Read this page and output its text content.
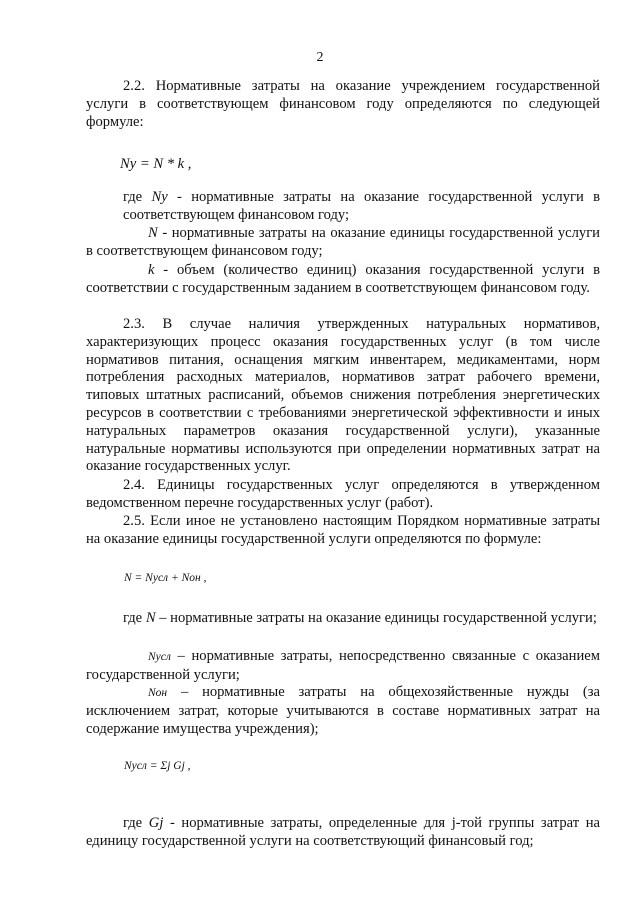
2

2.2. Нормативные затраты на оказание учреждением государственной услуги в соответствующем финансовом году определяются по следующей формуле:

Ny = N * k ,

где Ny - нормативные затраты на оказание государственной услуги в соответствующем финансовом году;

N - нормативные затраты на оказание единицы государственной услуги в соответствующем финансовом году;

k - объем (количество единиц) оказания государственной услуги в соответствии с государственным заданием в соответствующем финансовом году.

2.3. В случае наличия утвержденных натуральных нормативов, характеризующих процесс оказания государственных услуг (в том числе нормативов питания, оснащения мягким инвентарем, медикаментами, норм потребления расходных материалов, нормативов затрат рабочего времени, типовых штатных расписаний, объемов снижения потребления энергетических ресурсов в соответствии с требованиями энергетической эффективности и иных натуральных параметров оказания государственной услуги), указанные натуральные нормативы используются при определении нормативных затрат на оказание государственных услуг.

2.4. Единицы государственных услуг определяются в утвержденном ведомственном перечне государственных услуг (работ).

2.5. Если иное не установлено настоящим Порядком нормативные затраты на оказание единицы государственной услуги определяются по формуле:

N = Nусл + Nон ,

где N – нормативные затраты на оказание единицы государственной услуги;

Nусл – нормативные затраты, непосредственно связанные с оказанием государственной услуги;

Nон – нормативные затраты на общехозяйственные нужды (за исключением затрат, которые учитываются в составе нормативных затрат на содержание имущества учреждения);

Nусл = Σj Gj ,

где Gj - нормативные затраты, определенные для j-той группы затрат на единицу государственной услуги на соответствующий финансовый год;
